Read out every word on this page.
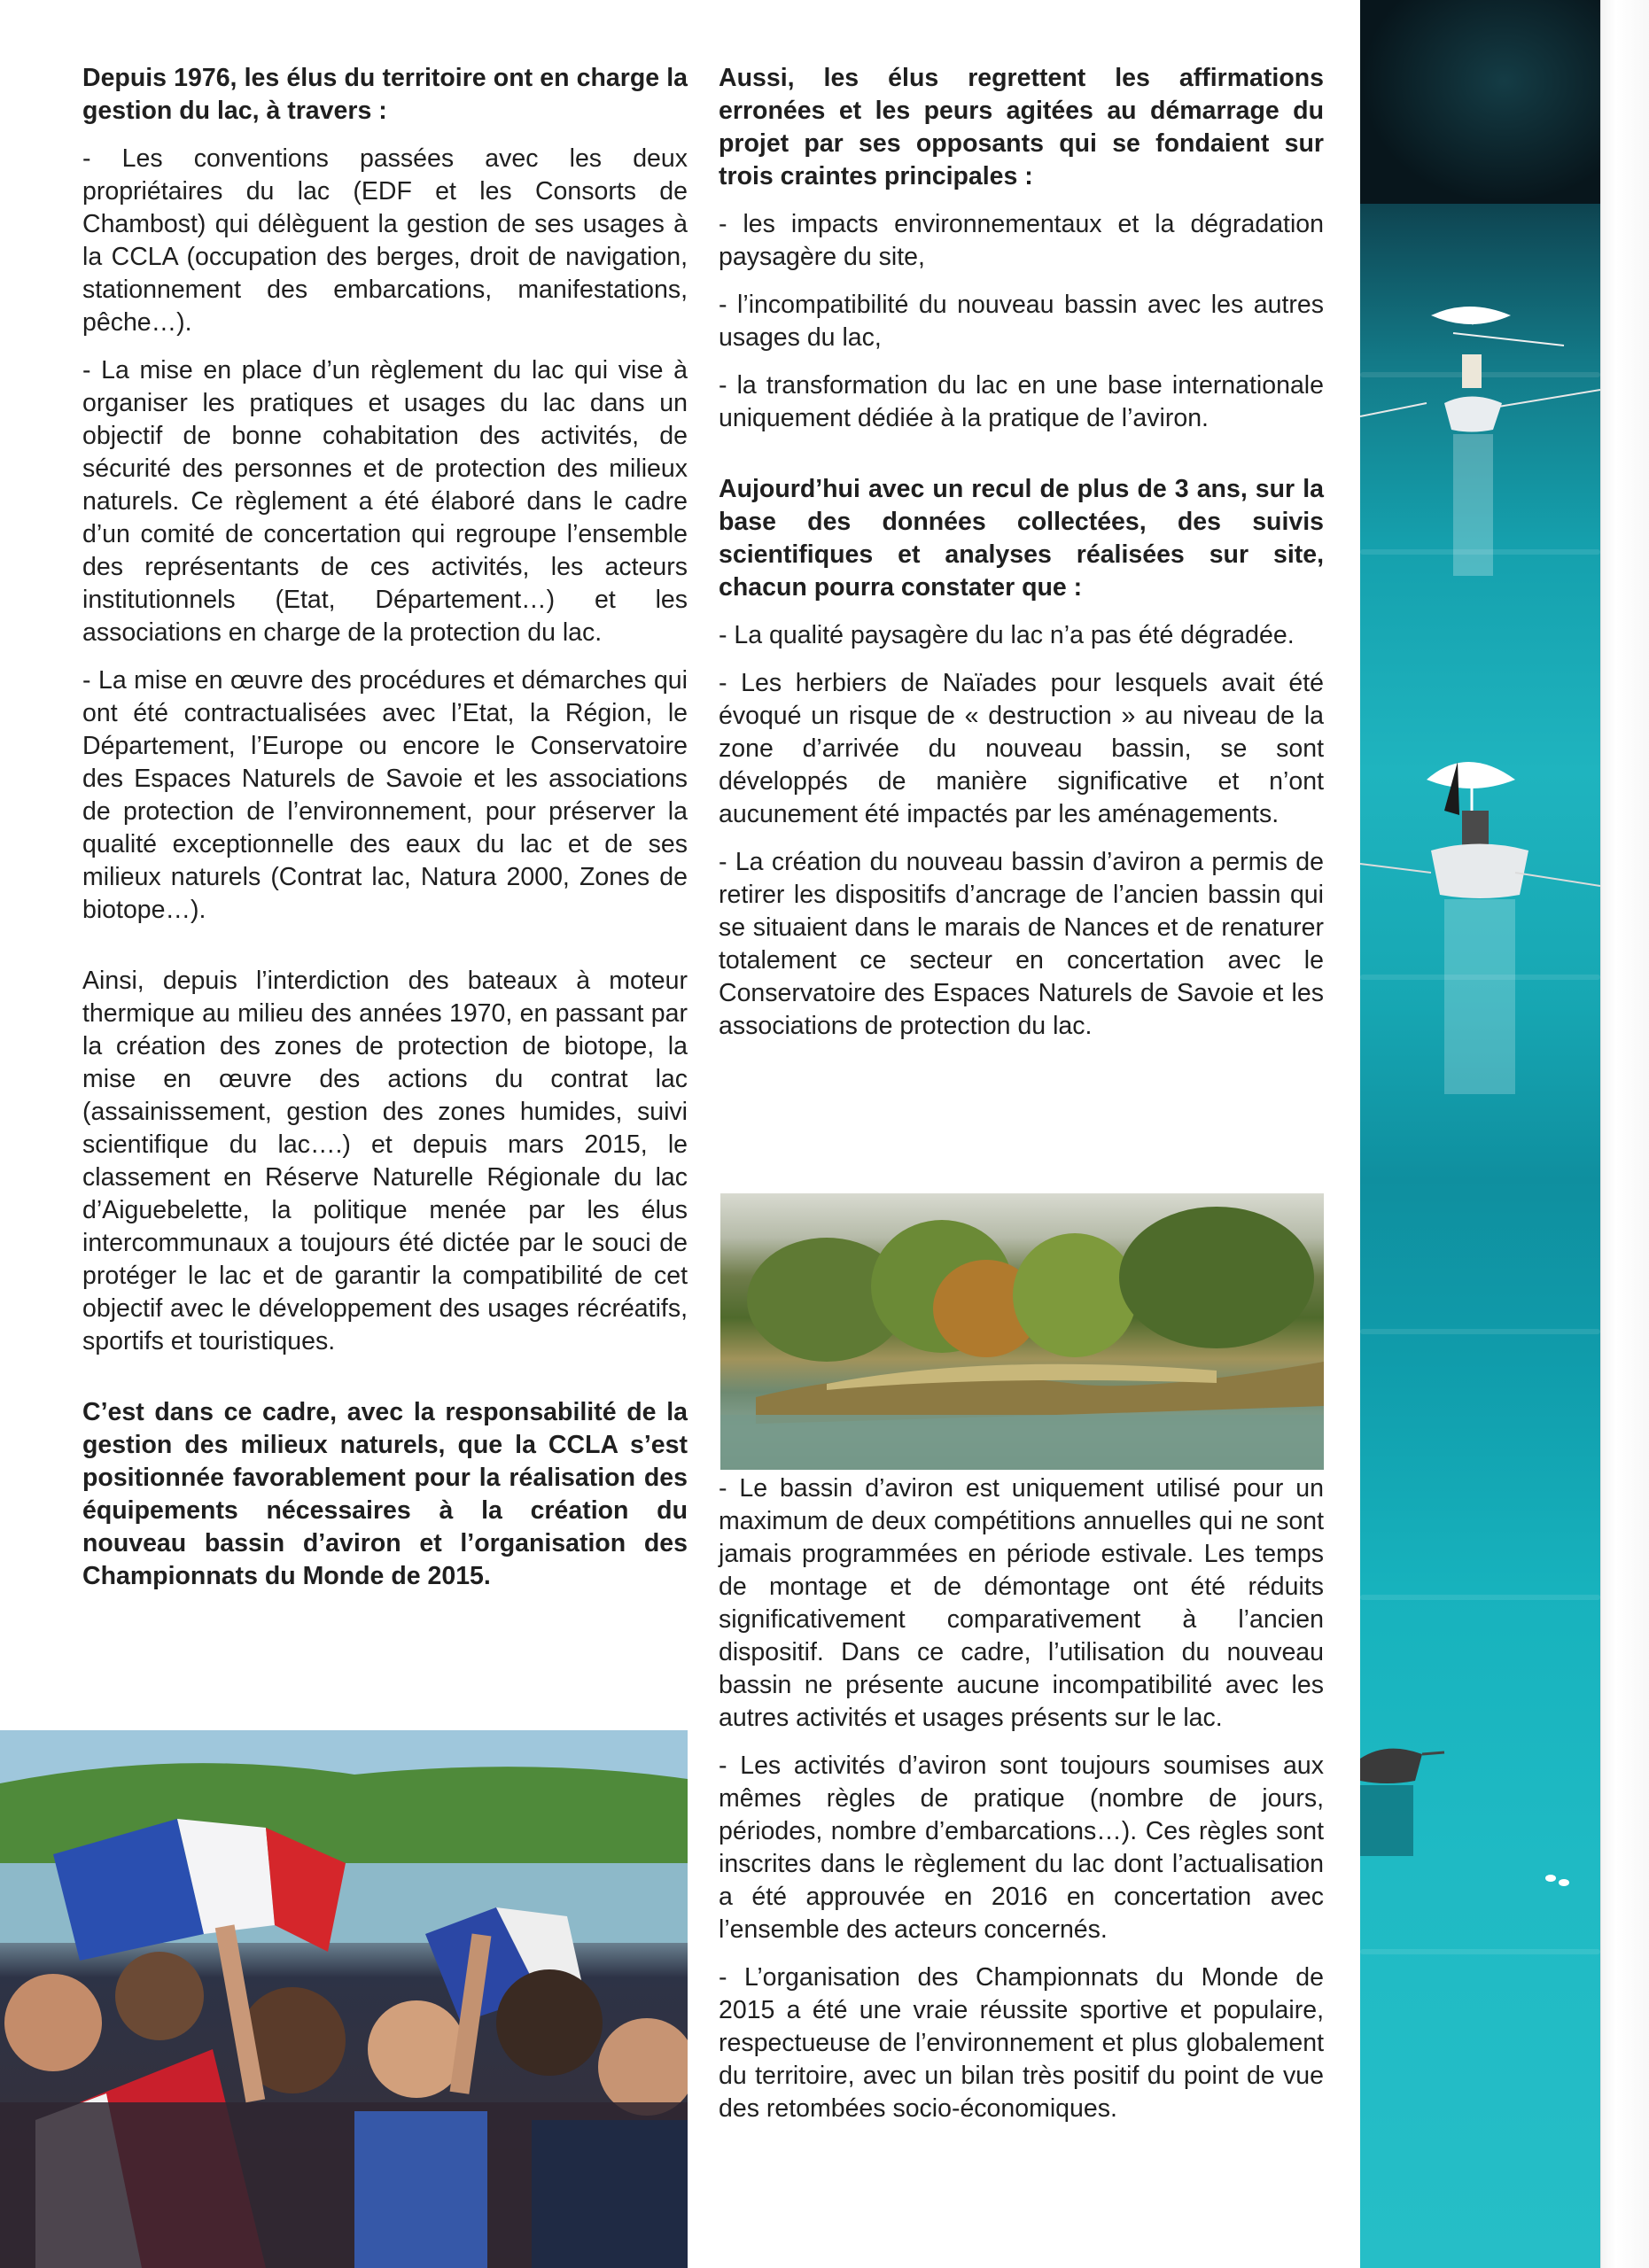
Depuis 1976, les élus du territoire ont en charge la gestion du lac, à travers :

- Les conventions passées avec les deux propriétaires du lac (EDF et les Consorts de Chambost) qui délèguent la gestion de ses usages à la CCLA (occupation des berges, droit de navigation, stationnement des embarcations, manifestations, pêche…).

- La mise en place d’un règlement du lac qui vise à organiser les pratiques et usages du lac dans un objectif de bonne cohabitation des activités, de sécurité des personnes et de protection des milieux naturels. Ce règlement a été élaboré dans le cadre d’un comité de concertation qui regroupe l’ensemble des représentants de ces activités, les acteurs institutionnels (Etat, Département…) et les associations en charge de la protection du lac.

- La mise en œuvre des procédures et démarches qui ont été contractualisées avec l’Etat, la Région, le Département, l’Europe ou encore le Conservatoire des Espaces Naturels de Savoie et les associations de protection de l’environnement, pour préserver la qualité exceptionnelle des eaux du lac et de ses milieux naturels (Contrat lac, Natura 2000, Zones de biotope…).

Ainsi, depuis l’interdiction des bateaux à moteur thermique au milieu des années 1970, en passant par la création des zones de protection de biotope, la mise en œuvre des actions du contrat lac (assainissement, gestion des zones humides, suivi scientifique du lac….) et depuis mars 2015, le classement en Réserve Naturelle Régionale du lac d’Aiguebelette, la politique menée par les élus intercommunaux a toujours été dictée par le souci de protéger le lac et de garantir la compatibilité de cet objectif avec le développement des usages récréatifs, sportifs et touristiques.

C’est dans ce cadre, avec la responsabilité de la gestion des milieux naturels, que la CCLA s’est positionnée favorablement pour la réalisation des équipements nécessaires à la création du nouveau bassin d’aviron et l’organisation des Championnats du Monde de 2015.

Aussi, les élus regrettent les affirmations erronées et les peurs agitées au démarrage du projet par ses opposants qui se fondaient sur trois craintes principales :

- les impacts environnementaux et la dégradation paysagère du site,

- l’incompatibilité du nouveau bassin avec les autres usages du lac,

- la transformation du lac en une base internationale uniquement dédiée à la pratique de l’aviron.

Aujourd’hui avec un recul de plus de 3 ans, sur la base des données collectées, des suivis scientifiques et analyses réalisées sur site, chacun pourra constater que :

- La qualité paysagère du lac n’a pas été dégradée.

- Les herbiers de Naïades pour lesquels avait été évoqué un risque de « destruction » au niveau de la zone d’arrivée du nouveau bassin, se sont développés de manière significative et n’ont aucunement été impactés par les aménagements.

- La création du nouveau bassin d’aviron a permis de retirer les dispositifs d’ancrage de l’ancien bassin qui se situaient dans le marais de Nances et de renaturer totalement ce secteur en concertation avec le Conservatoire des Espaces Naturels de Savoie et les associations de protection du lac.

- Le bassin d’aviron est uniquement utilisé pour un maximum de deux compétitions annuelles qui ne sont jamais programmées en période estivale. Les temps de montage et de démontage ont été réduits significativement comparativement à l’ancien dispositif. Dans ce cadre, l’utilisation du nouveau bassin ne présente aucune incompatibilité avec les autres activités et usages présents sur le lac.

- Les activités d’aviron sont toujours soumises aux mêmes règles de pratique (nombre de jours, périodes, nombre d’embarcations…). Ces règles sont inscrites dans le règlement du lac dont l’actualisation a été approuvée en 2016 en concertation avec l’ensemble des acteurs concernés.

- L’organisation des Championnats du Monde de 2015 a été une vraie réussite sportive et populaire, respectueuse de l’environnement et plus globalement du territoire, avec un bilan très positif du point de vue des retombées socio-économiques.
